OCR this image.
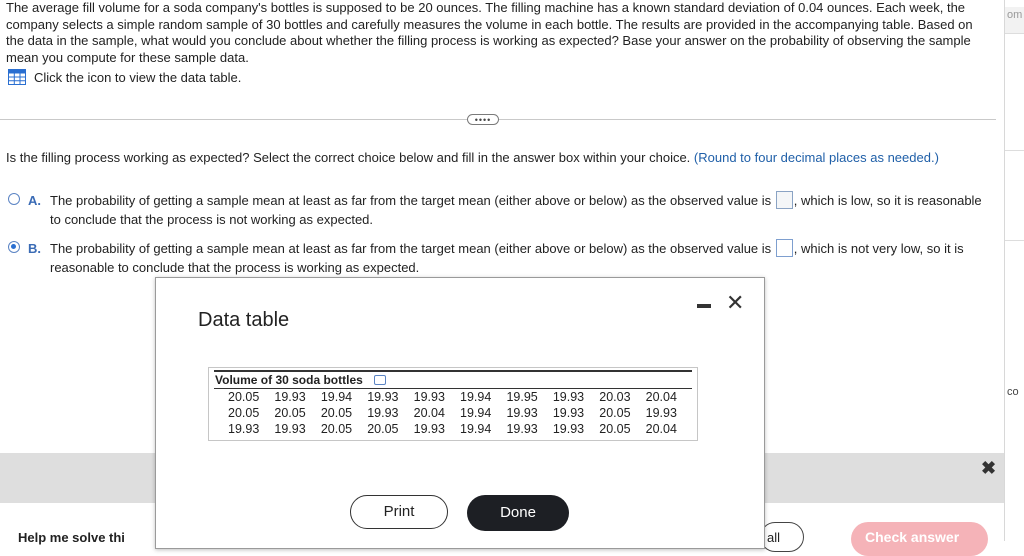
The average fill volume for a soda company's bottles is supposed to be 20 ounces. The filling machine has a known standard deviation of 0.04 ounces. Each week, the company selects a simple random sample of 30 bottles and carefully measures the volume in each bottle. The results are provided in the accompanying table. Based on the data in the sample, what would you conclude about whether the filling process is working as expected? Base your answer on the probability of observing the sample mean you compute for these sample data.
Click the icon to view the data table.
••••
om
co
Is the filling process working as expected? Select the correct choice below and fill in the answer box within your choice. (Round to four decimal places as needed.)
A. The probability of getting a sample mean at least as far from the target mean (either above or below) as the observed value is , which is low, so it is reasonable to conclude that the process is not working as expected.
B. The probability of getting a sample mean at least as far from the target mean (either above or below) as the observed value is , which is not very low, so it is reasonable to conclude that the process is working as expected.
✖
Help me solve thi	all	Check answer
Data table
✕
Volume of 30 soda bottles
20.05	19.93	19.94	19.93	19.93	19.94	19.95	19.93	20.03	20.04
20.05	20.05	20.05	19.93	20.04	19.94	19.93	19.93	20.05	19.93
19.93	19.93	20.05	20.05	19.93	19.94	19.93	19.93	20.05	20.04
Print	Done
